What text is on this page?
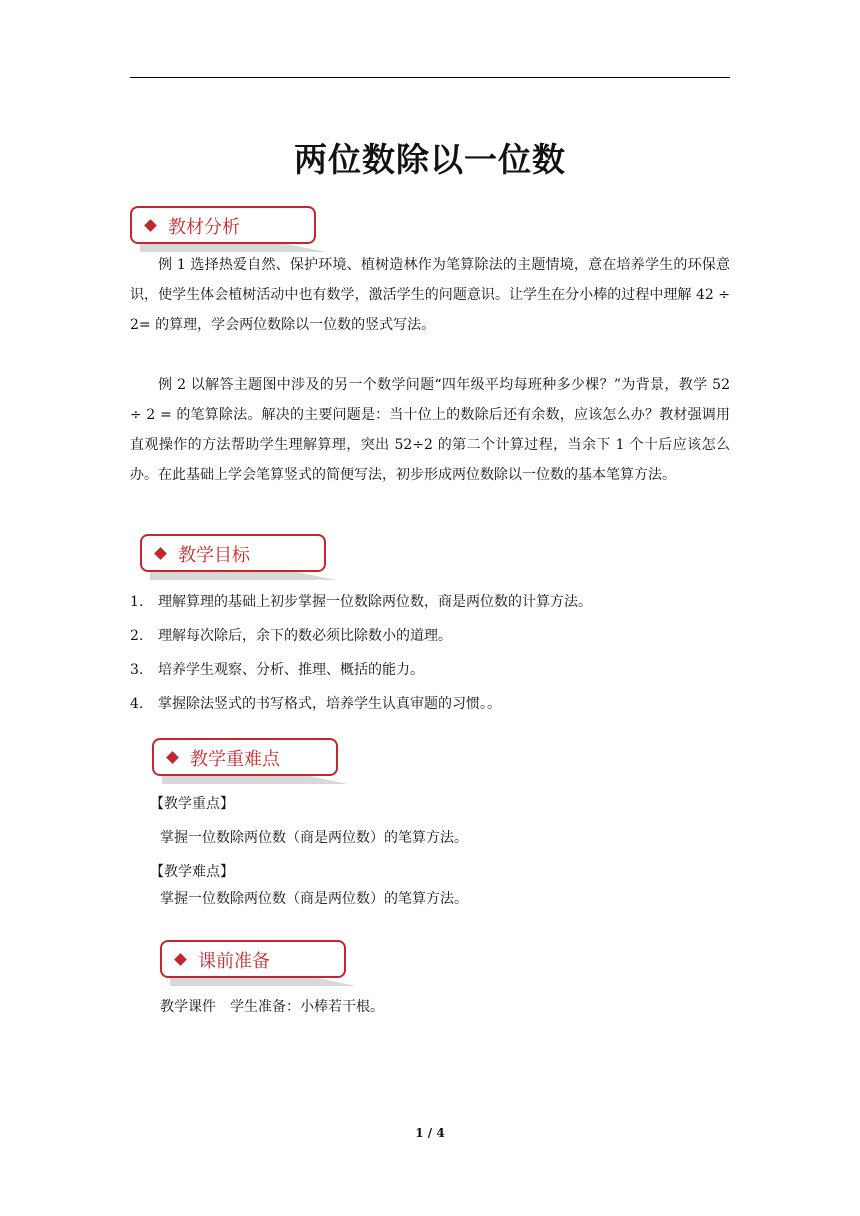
两位数除以一位数
教材分析

例 1 选择热爱自然、保护环境、植树造林作为笔算除法的主题情境，意在培养学生的环保意识，使学生体会植树活动中也有数学，激活学生的问题意识。让学生在分小棒的过程中理解 42 ÷ 2= 的算理，学会两位数除以一位数的竖式写法。

例 2 以解答主题图中涉及的另一个数学问题“四年级平均每班种多少棵？”为背景，教学 52 ÷ 2 = 的笔算除法。解决的主要问题是：当十位上的数除后还有余数，应该怎么办？教材强调用直观操作的方法帮助学生理解算理，突出 52÷2 的第二个计算过程，当余下 1 个十后应该怎么办。在此基础上学会笔算竖式的简便写法，初步形成两位数除以一位数的基本笔算方法。

教学目标
1. 理解算理的基础上初步掌握一位数除两位数，商是两位数的计算方法。
2. 理解每次除后，余下的数必须比除数小的道理。
3. 培养学生观察、分析、推理、概括的能力。
4. 掌握除法竖式的书写格式，培养学生认真审题的习惯。。
教学重难点

【教学重点】

掌握一位数除两位数（商是两位数）的笔算方法。

【教学难点】

掌握一位数除两位数（商是两位数）的笔算方法。

课前准备

教学课件　学生准备：小棒若干根。

1 / 4
